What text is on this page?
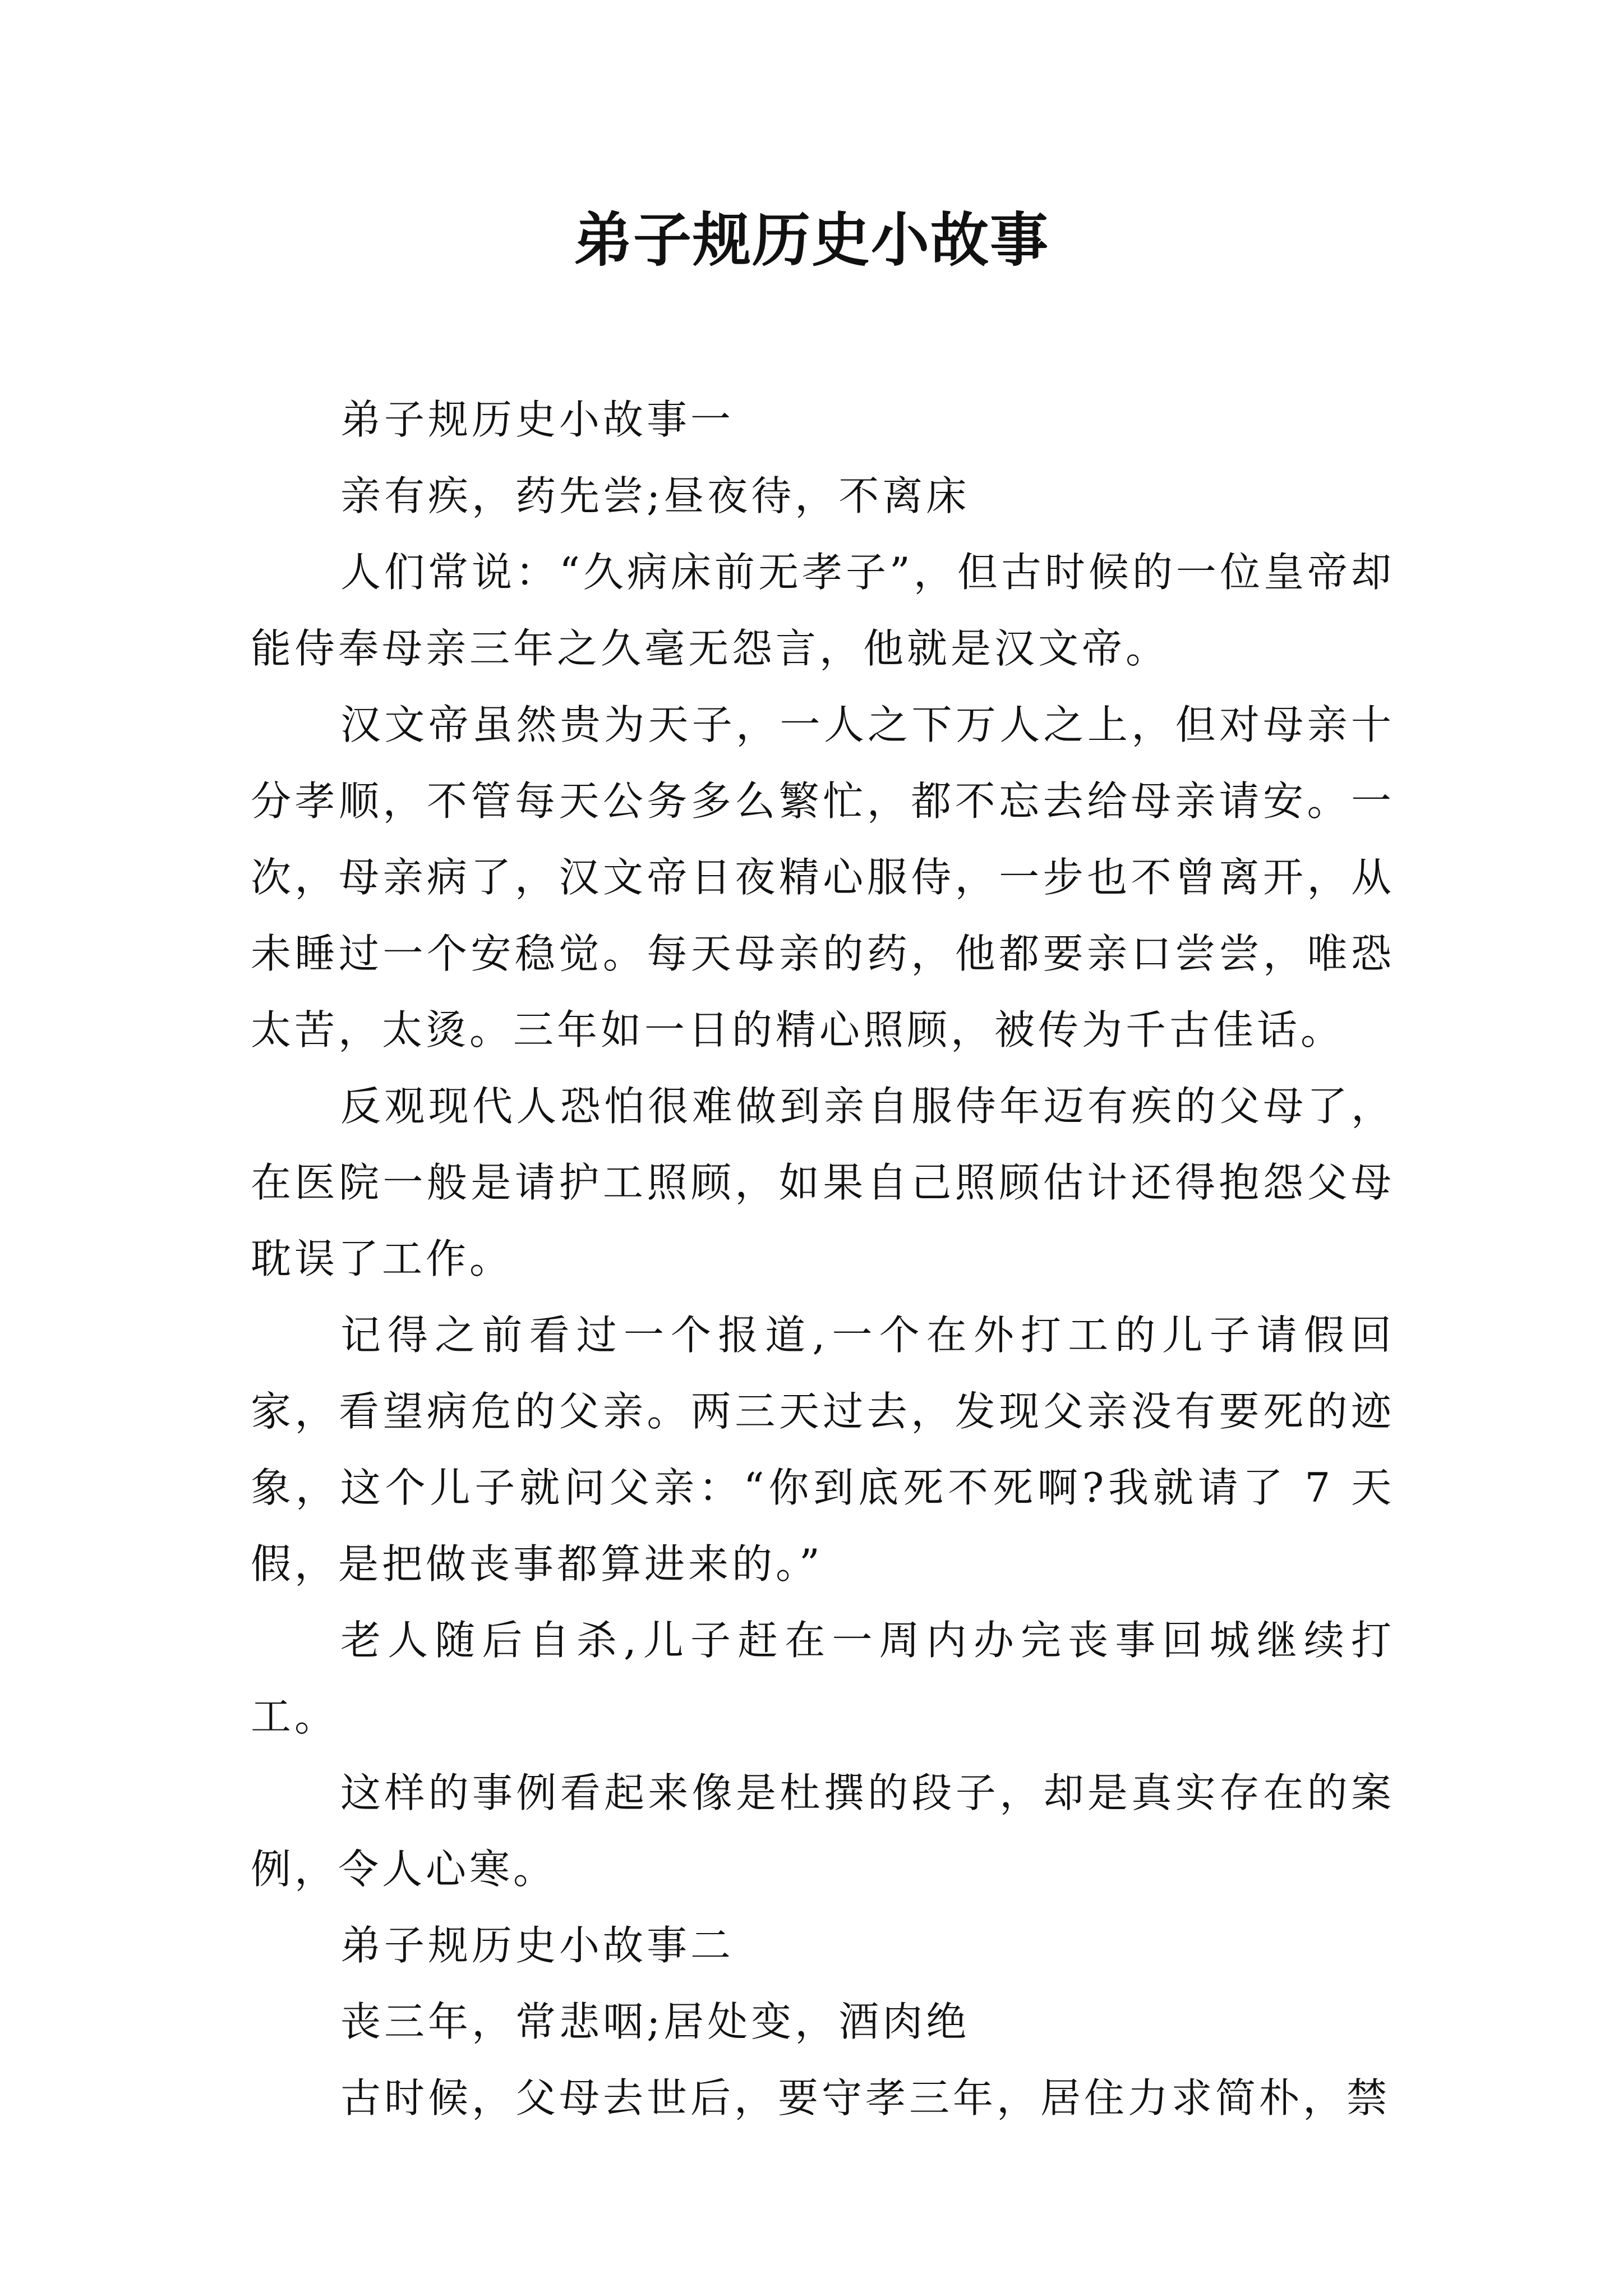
弟子规历史小故事

弟子规历史小故事一

亲有疾，药先尝;昼夜待，不离床

人们常说：“久病床前无孝子”，但古时候的一位皇帝却能侍奉母亲三年之久毫无怨言，他就是汉文帝。

汉文帝虽然贵为天子，一人之下万人之上，但对母亲十分孝顺，不管每天公务多么繁忙，都不忘去给母亲请安。一次，母亲病了，汉文帝日夜精心服侍，一步也不曾离开，从未睡过一个安稳觉。每天母亲的药，他都要亲口尝尝，唯恐太苦，太烫。三年如一日的精心照顾，被传为千古佳话。

反观现代人恐怕很难做到亲自服侍年迈有疾的父母了，在医院一般是请护工照顾，如果自己照顾估计还得抱怨父母耽误了工作。

记得之前看过一个报道,一个在外打工的儿子请假回家，看望病危的父亲。两三天过去，发现父亲没有要死的迹象，这个儿子就问父亲：“你到底死不死啊?我就请了 7 天假，是把做丧事都算进来的。”

老人随后自杀,儿子赶在一周内办完丧事回城继续打工。

这样的事例看起来像是杜撰的段子，却是真实存在的案例，令人心寒。

弟子规历史小故事二

丧三年，常悲咽;居处变，酒肉绝

古时候，父母去世后，要守孝三年，居住力求简朴，禁
